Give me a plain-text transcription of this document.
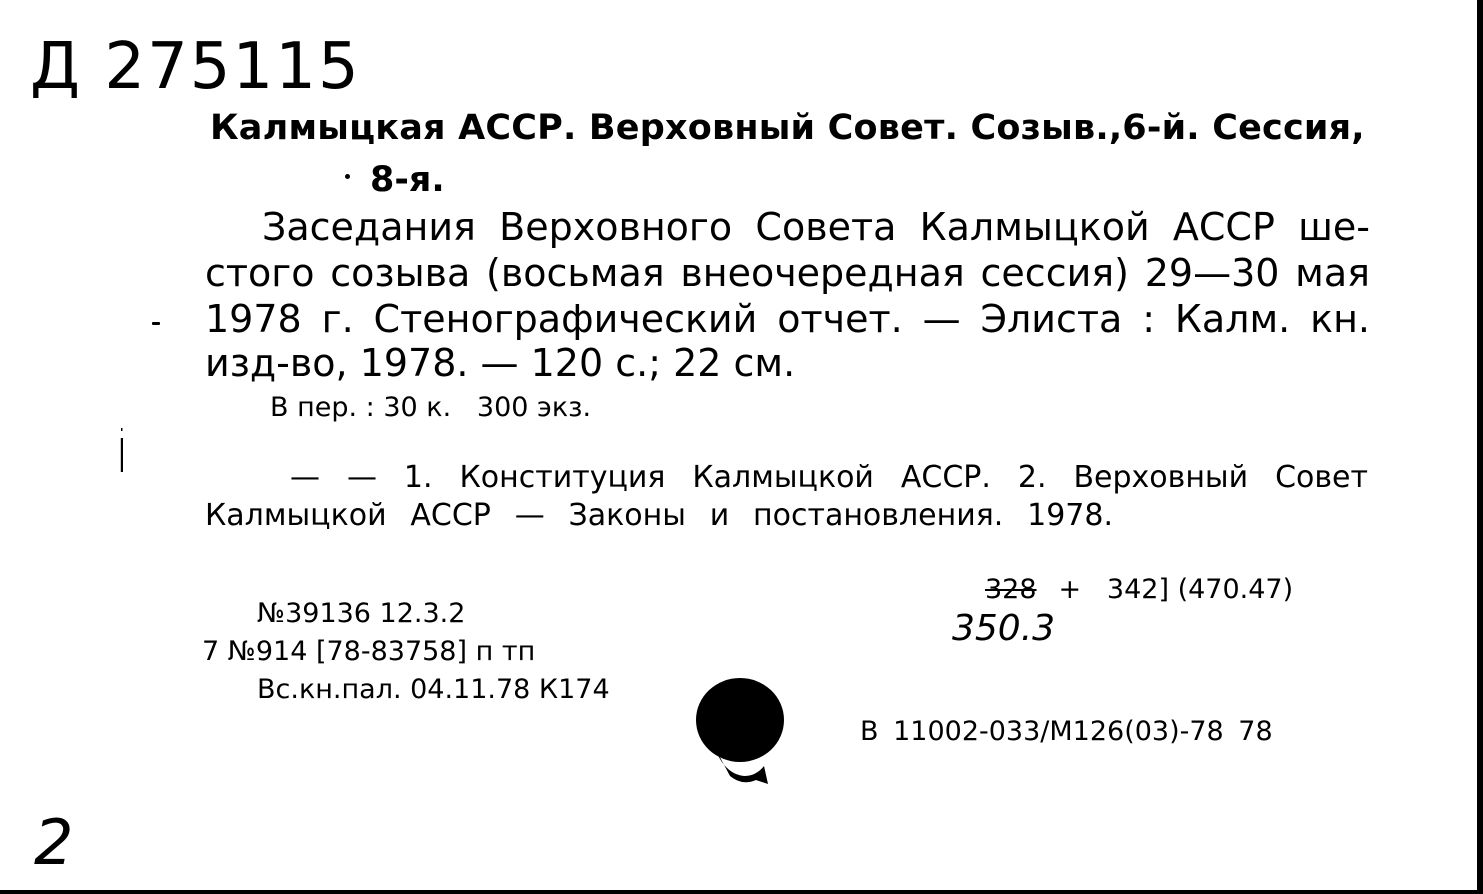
Д 275115
Калмыцкая АССР. Верховный Совет. Созыв.,6-й. Сессия,
8-я.
Заседания Верховного Совета Калмыцкой АССР ше-
стого созыва (восьмая внеочередная сессия) 29—30 мая
1978 г. Стенографический отчет. — Элиста : Калм. кн.
изд-во, 1978. — 120 с.; 22 см.
В пер. : 30 к.   300 экз.
— — 1. Конституция Калмыцкой АССР. 2. Верховный Совет
Калмыцкой АССР — Законы и постановления. 1978.
328 +   342] (470.47)
350.3
№39136 12.3.2
7 №914 [78-83758] п тп
Вс.кн.пал. 04.11.78 К174
В 11002-033/М126(03)-78 78
2
